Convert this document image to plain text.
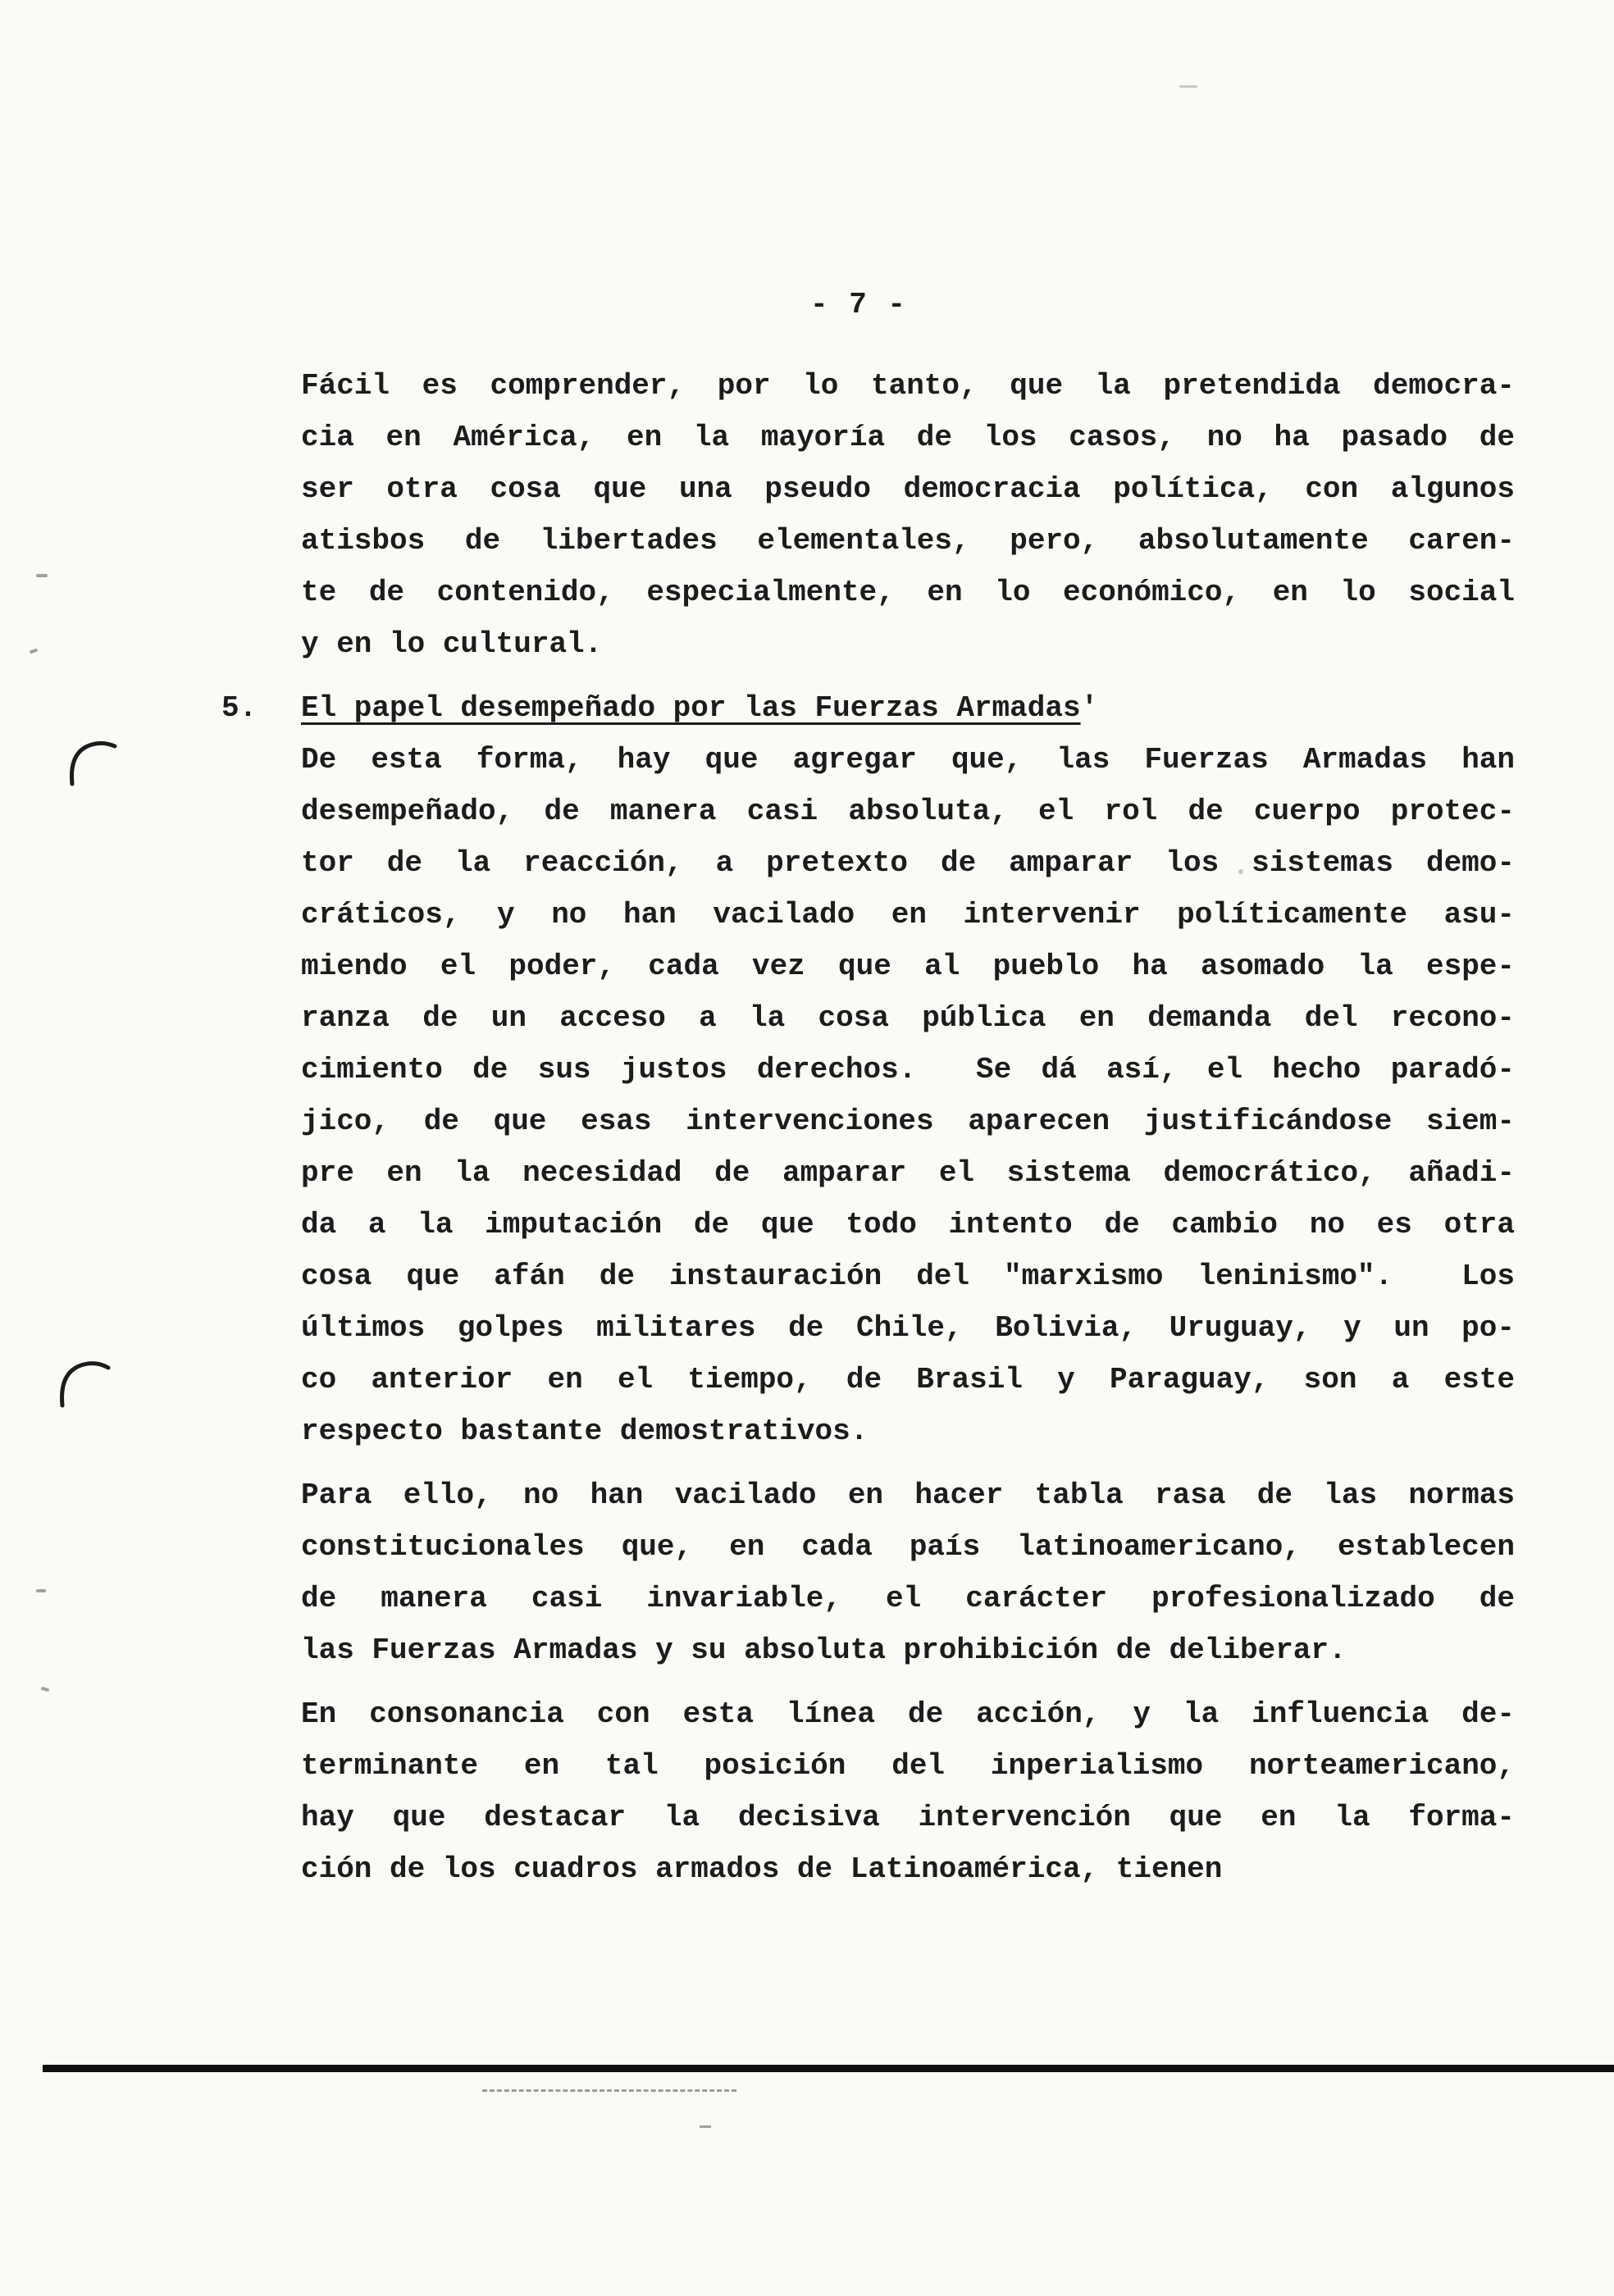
- 7 -
Fácil es comprender, por lo tanto, que la pretendida democra-
cia en América, en la mayoría de los casos, no ha pasado de
ser otra cosa que una pseudo democracia política, con algunos
atisbos de libertades elementales, pero, absolutamente caren-
te de contenido, especialmente, en lo económico, en lo social
y en lo cultural.
5. El papel desempeñado por las Fuerzas Armadas'
De esta forma, hay que agregar que, las Fuerzas Armadas han
desempeñado, de manera casi absoluta, el rol de cuerpo protec-
tor de la reacción, a pretexto de amparar los sistemas demo-
cráticos, y no han vacilado en intervenir políticamente asu-
miendo el poder, cada vez que al pueblo ha asomado la espe-
ranza de un acceso a la cosa pública en demanda del recono-
cimiento de sus justos derechos.  Se dá así, el hecho paradó-
jico, de que esas intervenciones aparecen justificándose siem-
pre en la necesidad de amparar el sistema democrático, añadi-
da a la imputación de que todo intento de cambio no es otra
cosa que afán de instauración del "marxismo leninismo".  Los
últimos golpes militares de Chile, Bolivia, Uruguay, y un po-
co anterior en el tiempo, de Brasil y Paraguay, son a este
respecto bastante demostrativos.
Para ello, no han vacilado en hacer tabla rasa de las normas
constitucionales que, en cada país latinoamericano, establecen
de manera casi invariable, el carácter profesionalizado de
las Fuerzas Armadas y su absoluta prohibición de deliberar.
En consonancia con esta línea de acción, y la influencia de-
terminante en tal posición del inperialismo norteamericano,
hay que destacar la decisiva intervención que en la forma-
ción de los cuadros armados de Latinoamérica, tienen
